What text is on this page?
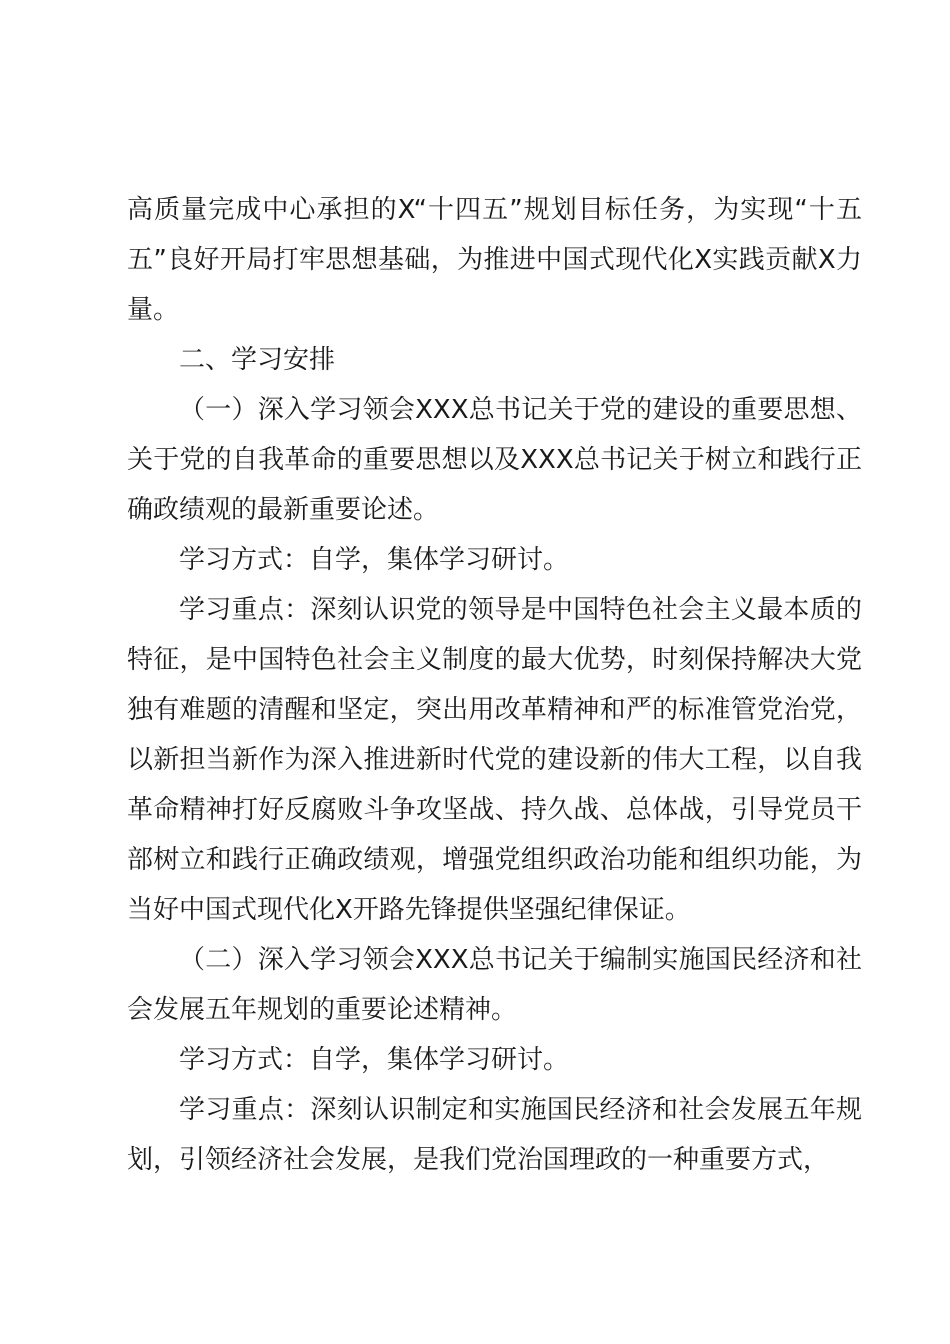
高质量完成中心承担的X“十四五”规划目标任务，为实现“十五五”良好开局打牢思想基础，为推进中国式现代化X实践贡献X力量。

二、学习安排

（一）深入学习领会XXX总书记关于党的建设的重要思想、关于党的自我革命的重要思想以及XXX总书记关于树立和践行正确政绩观的最新重要论述。

学习方式：自学，集体学习研讨。

学习重点：深刻认识党的领导是中国特色社会主义最本质的特征，是中国特色社会主义制度的最大优势，时刻保持解决大党独有难题的清醒和坚定，突出用改革精神和严的标准管党治党，以新担当新作为深入推进新时代党的建设新的伟大工程，以自我革命精神打好反腐败斗争攻坚战、持久战、总体战，引导党员干部树立和践行正确政绩观，增强党组织政治功能和组织功能，为当好中国式现代化X开路先锋提供坚强纪律保证。

（二）深入学习领会XXX总书记关于编制实施国民经济和社会发展五年规划的重要论述精神。

学习方式：自学，集体学习研讨。

学习重点：深刻认识制定和实施国民经济和社会发展五年规划，引领经济社会发展，是我们党治国理政的一种重要方式，
